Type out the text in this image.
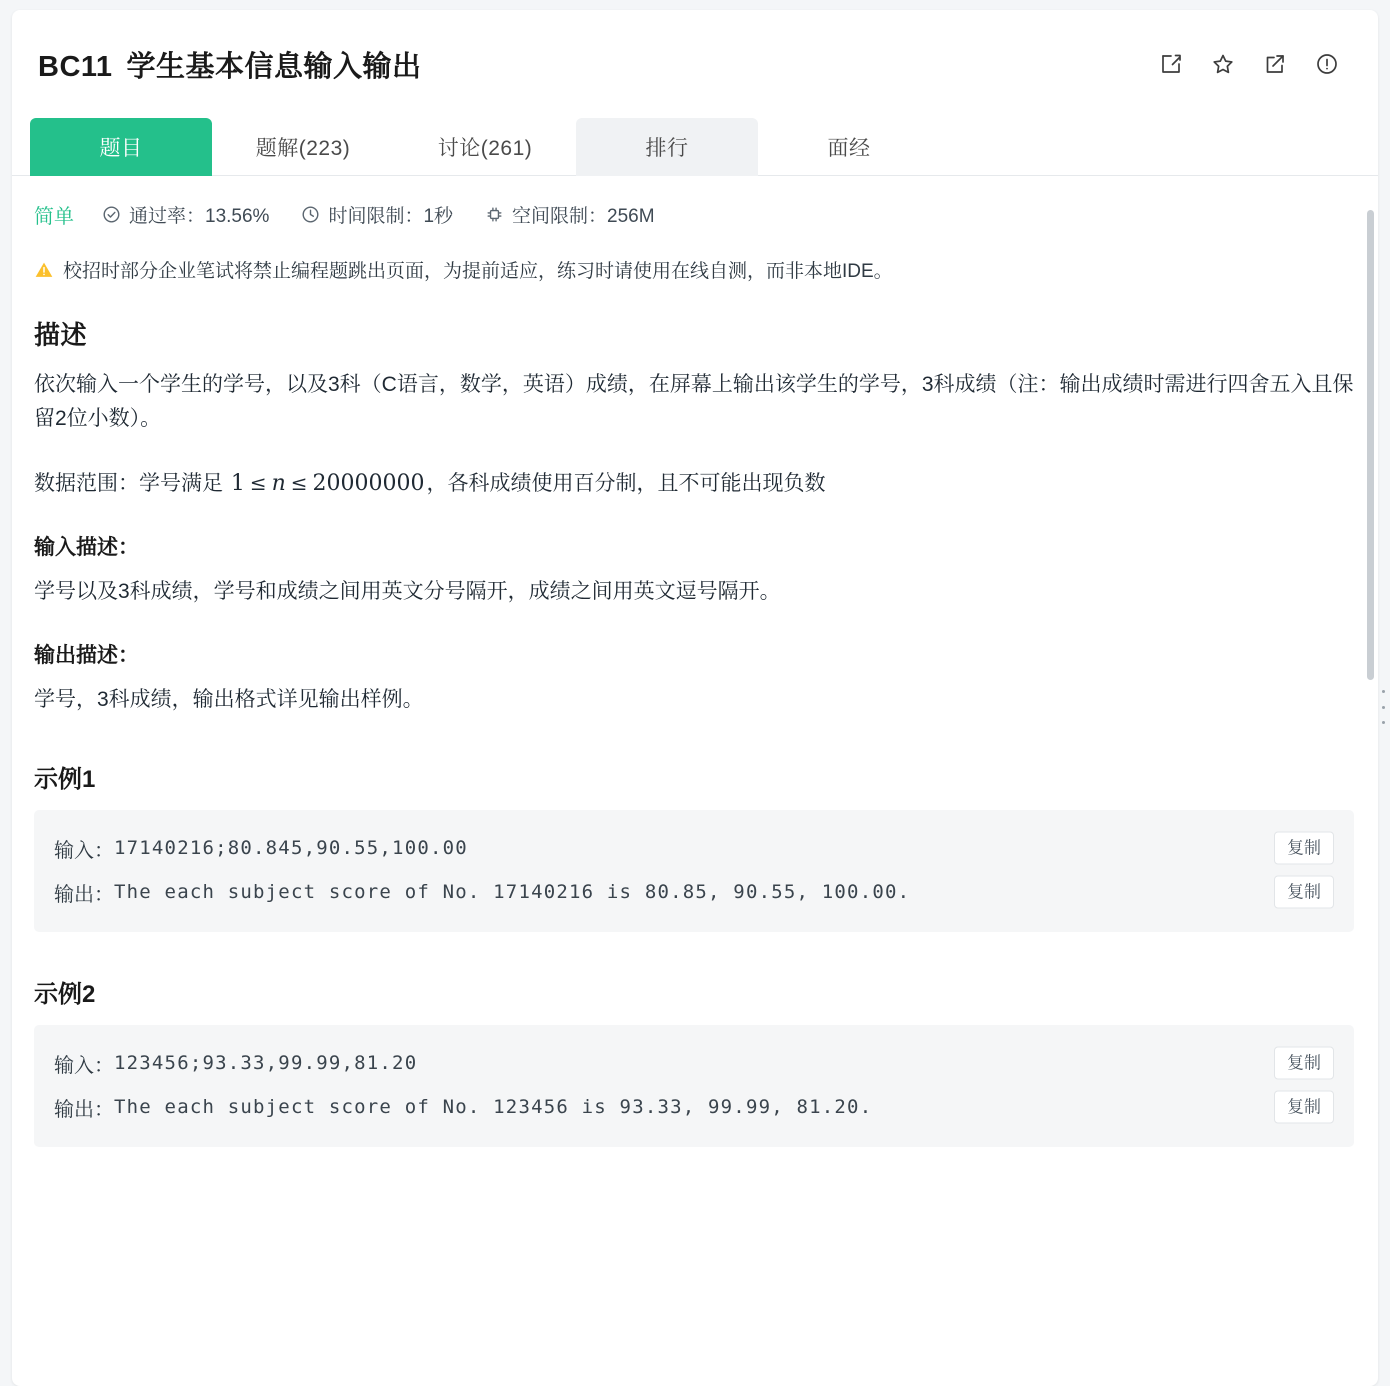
BC11 学生基本信息输入输出
题目	题解(223)	讨论(261)	排行	面经
简单	通过率：13.56%	时间限制：1秒	空间限制：256M
校招时部分企业笔试将禁止编程题跳出页面，为提前适应，练习时请使用在线自测，而非本地IDE。
描述

依次输入一个学生的学号，以及3科（C语言，数学，英语）成绩，在屏幕上输出该学生的学号，3科成绩（注：输出成绩时需进行四舍五入且保留2位小数）。

数据范围：学号满足 1 ≤ n ≤ 20000000，各科成绩使用百分制，且不可能出现负数

输入描述：

学号以及3科成绩，学号和成绩之间用英文分号隔开，成绩之间用英文逗号隔开。

输出描述：

学号，3科成绩，输出格式详见输出样例。

示例1
输入： 17140216;80.845,90.55,100.00	复制
输出： The each subject score of No. 17140216 is 80.85, 90.55, 100.00.	复制
示例2
输入： 123456;93.33,99.99,81.20	复制
输出： The each subject score of No. 123456 is 93.33, 99.99, 81.20.	复制
